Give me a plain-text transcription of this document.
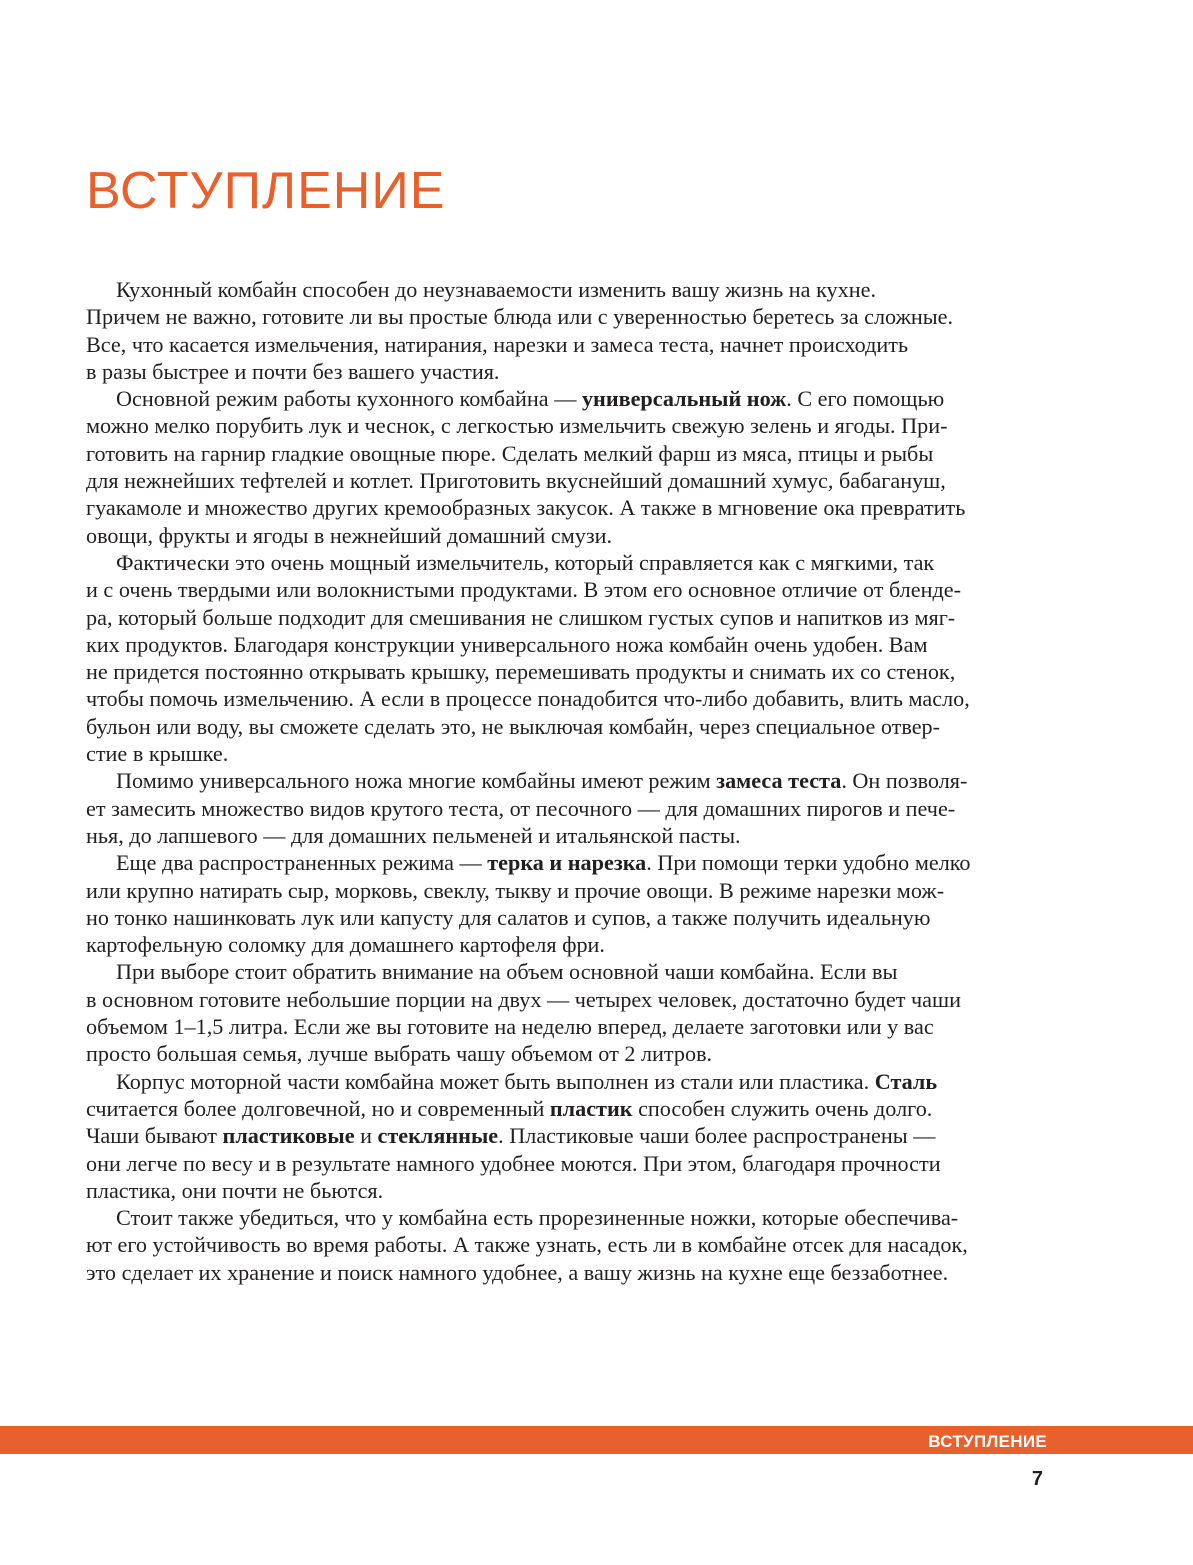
ВСТУПЛЕНИЕ
Кухонный комбайн способен до неузнаваемости изменить вашу жизнь на кухне.
Причем не важно, готовите ли вы простые блюда или с уверенностью беретесь за сложные.
Все, что касается измельчения, натирания, нарезки и замеса теста, начнет происходить
в разы быстрее и почти без вашего участия.
Основной режим работы кухонного комбайна — универсальный нож. С его помощью
можно мелко порубить лук и чеснок, с легкостью измельчить свежую зелень и ягоды. При-
готовить на гарнир гладкие овощные пюре. Сделать мелкий фарш из мяса, птицы и рыбы
для нежнейших тефтелей и котлет. Приготовить вкуснейший домашний хумус, бабагануш,
гуакамоле и множество других кремообразных закусок. А также в мгновение ока превратить
овощи, фрукты и ягоды в нежнейший домашний смузи.
Фактически это очень мощный измельчитель, который справляется как с мягкими, так
и с очень твердыми или волокнистыми продуктами. В этом его основное отличие от бленде-
ра, который больше подходит для смешивания не слишком густых супов и напитков из мяг-
ких продуктов. Благодаря конструкции универсального ножа комбайн очень удобен. Вам
не придется постоянно открывать крышку, перемешивать продукты и снимать их со стенок,
чтобы помочь измельчению. А если в процессе понадобится что-либо добавить, влить масло,
бульон или воду, вы сможете сделать это, не выключая комбайн, через специальное отвер-
стие в крышке.
Помимо универсального ножа многие комбайны имеют режим замеса теста. Он позволя-
ет замесить множество видов крутого теста, от песочного — для домашних пирогов и пече-
нья, до лапшевого — для домашних пельменей и итальянской пасты.
Еще два распространенных режима — терка и нарезка. При помощи терки удобно мелко
или крупно натирать сыр, морковь, свеклу, тыкву и прочие овощи. В режиме нарезки мож-
но тонко нашинковать лук или капусту для салатов и супов, а также получить идеальную
картофельную соломку для домашнего картофеля фри.
При выборе стоит обратить внимание на объем основной чаши комбайна. Если вы
в основном готовите небольшие порции на двух — четырех человек, достаточно будет чаши
объемом 1–1,5 литра. Если же вы готовите на неделю вперед, делаете заготовки или у вас
просто большая семья, лучше выбрать чашу объемом от 2 литров.
Корпус моторной части комбайна может быть выполнен из стали или пластика. Сталь
считается более долговечной, но и современный пластик способен служить очень долго.
Чаши бывают пластиковые и стеклянные. Пластиковые чаши более распространены —
они легче по весу и в результате намного удобнее моются. При этом, благодаря прочности
пластика, они почти не бьются.
Стоит также убедиться, что у комбайна есть прорезиненные ножки, которые обеспечива-
ют его устойчивость во время работы. А также узнать, есть ли в комбайне отсек для насадок,
это сделает их хранение и поиск намного удобнее, а вашу жизнь на кухне еще беззаботнее.
ВСТУПЛЕНИЕ
7
